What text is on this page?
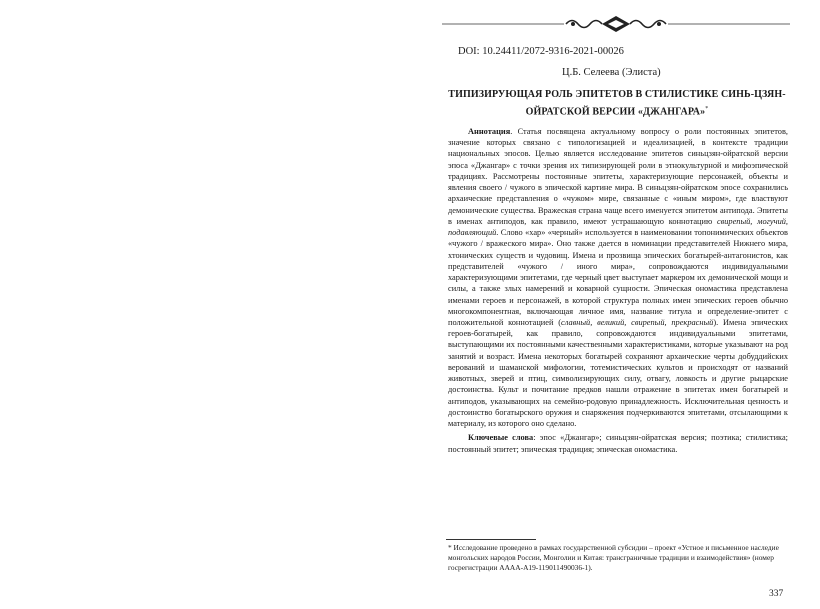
DOI: 10.24411/2072-9316-2021-00026
Ц.Б. Селеева (Элиста)
ТИПИЗИРУЮЩАЯ РОЛЬ ЭПИТЕТОВ В СТИЛИСТИКЕ СИНЬ-ЦЗЯН-ОЙРАТСКОЙ ВЕРСИИ «ДЖАНГАРА»*

Аннотация. Статья посвящена актуальному вопросу о роли постоянных эпитетов, значение которых связано с типологизацией и идеализацией, в контексте традиции национальных эпосов. Целью является исследование эпитетов синьцзян-ойратской версии эпоса «Джангар» с точки зрения их типизирующей роли в этнокультурной и мифоэпической традициях. Рассмотрены постоянные эпитеты, характеризующие персонажей, объекты и явления своего / чужого в эпической картине мира. В синьцзян-ойратском эпосе сохранились архаические представления о «чужом» мире, связанные с «иным миром», где властвуют демонические существа. Вражеская страна чаще всего именуется эпитетом антипода. Эпитеты в именах антиподов, как правило, имеют устрашающую коннотацию свирепый, могучий, подавляющий. Слово «хар» «черный» используется в наименовании топонимических объектов «чужого / вражеского мира». Оно также дается в номинации представителей Нижнего мира, хтонических существ и чудовищ. Имена и прозвища эпических богатырей-антагонистов, как представителей «чужого / иного мира», сопровождаются индивидуальными характеризующими эпитетами, где черный цвет выступает маркером их демонической мощи и силы, а также злых намерений и коварной сущности. Эпическая ономастика представлена именами героев и персонажей, в которой структура полных имен эпических героев обычно многокомпонентная, включающая личное имя, название титула и определение-эпитет с положительной коннотацией (славный, великий, свирепый, прекрасный). Имена эпических героев-богатырей, как правило, сопровождаются индивидуальными эпитетами, выступающими их постоянными качественными характеристиками, которые указывают на род занятий и возраст. Имена некоторых богатырей сохраняют архаические черты добуддийских верований и шаманской мифологии, тотемистических культов и происходят от названий животных, зверей и птиц, символизирующих силу, отвагу, ловкость и другие рыцарские достоинства. Культ и почитание предков нашли отражение в эпитетах имен богатырей и антиподов, указывающих на семейно-родовую принадлежность. Исключительная ценность и достоинство богатырского оружия и снаряжения подчеркиваются эпитетами, отсылающими к материалу, из которого оно сделано.

Ключевые слова: эпос «Джангар»; синьцзян-ойратская версия; поэтика; стилистика; постоянный эпитет; эпическая традиция; эпическая ономастика.

* Исследование проведено в рамках государственной субсидии – проект «Устное и письменное наследие монгольских народов России, Монголии и Китая: трансграничные традиции и взаимодействия» (номер госрегистрации АААА-А19-119011490036-1).
337
